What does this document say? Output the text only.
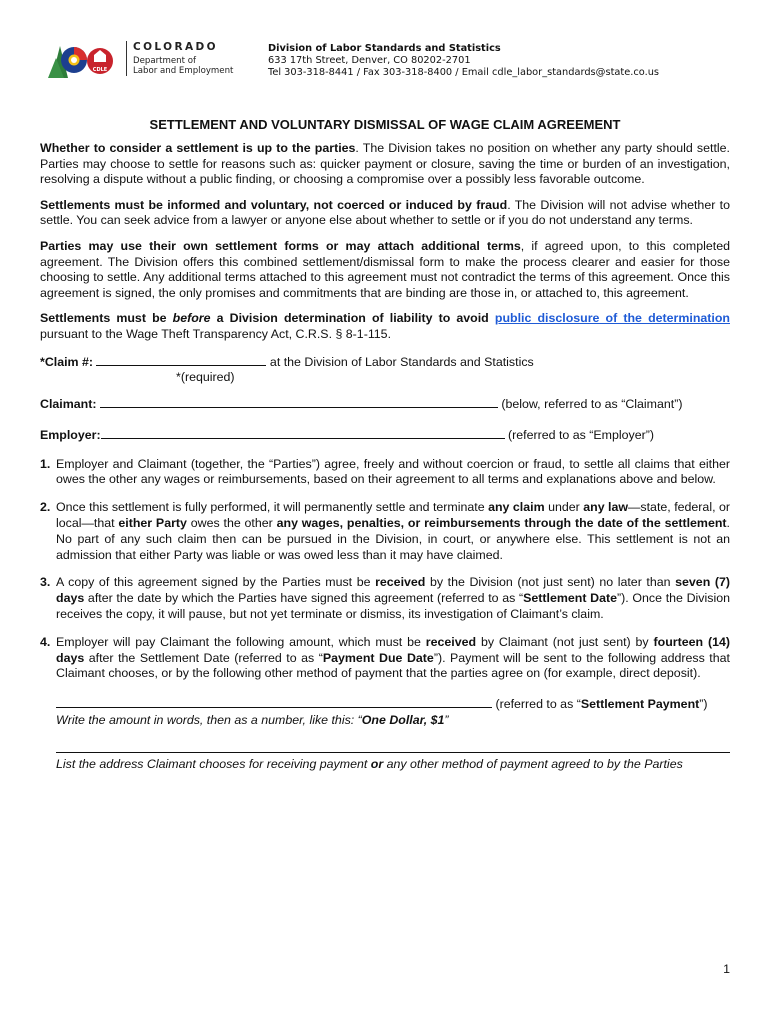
CDLE
COLORADO
Department of
Labor and Employment
Division of Labor Standards and Statistics
633 17th Street, Denver, CO 80202-2701
Tel 303-318-8441 / Fax 303-318-8400 / Email cdle_labor_standards@state.co.us
SETTLEMENT AND VOLUNTARY DISMISSAL OF WAGE CLAIM AGREEMENT

Whether to consider a settlement is up to the parties. The Division takes no position on whether any party should settle. Parties may choose to settle for reasons such as: quicker payment or closure, saving the time or burden of an investigation, resolving a dispute without a public finding, or choosing a compromise over a possibly less favorable outcome.

Settlements must be informed and voluntary, not coerced or induced by fraud. The Division will not advise whether to settle. You can seek advice from a lawyer or anyone else about whether to settle or if you do not understand any terms.

Parties may use their own settlement forms or may attach additional terms, if agreed upon, to this completed agreement. The Division offers this combined settlement/dismissal form to make the process clearer and easier for those choosing to settle. Any additional terms attached to this agreement must not contradict the terms of this agreement. Once this agreement is signed, the only promises and commitments that are binding are those in, or attached to, this agreement.

Settlements must be before a Division determination of liability to avoid public disclosure of the determination pursuant to the Wage Theft Transparency Act, C.R.S. § 8-1-115.

*Claim #:	at the Division of Labor Standards and Statistics
*(required)
Claimant:	(below, referred to as “Claimant”)
Employer:	(referred to as “Employer”)
1. Employer and Claimant (together, the “Parties”) agree, freely and without coercion or fraud, to settle all claims that either owes the other any wages or reimbursements, based on their agreement to all terms and explanations above and below.
2. Once this settlement is fully performed, it will permanently settle and terminate any claim under any law—state, federal, or local—that either Party owes the other any wages, penalties, or reimbursements through the date of the settlement. No part of any such claim then can be pursued in the Division, in court, or anywhere else. This settlement is not an admission that either Party was liable or was owed less than it may have claimed.
3. A copy of this agreement signed by the Parties must be received by the Division (not just sent) no later than seven (7) days after the date by which the Parties have signed this agreement (referred to as “Settlement Date”). Once the Division receives the copy, it will pause, but not yet terminate or dismiss, its investigation of Claimant’s claim.
4. Employer will pay Claimant the following amount, which must be received by Claimant (not just sent) by fourteen (14) days after the Settlement Date (referred to as “Payment Due Date”). Payment will be sent to the following address that Claimant chooses, or by the following other method of payment that the parties agree on (for example, direct deposit).
(referred to as “Settlement Payment”)
Write the amount in words, then as a number, like this: “One Dollar, $1”
List the address Claimant chooses for receiving payment or any other method of payment agreed to by the Parties
1
